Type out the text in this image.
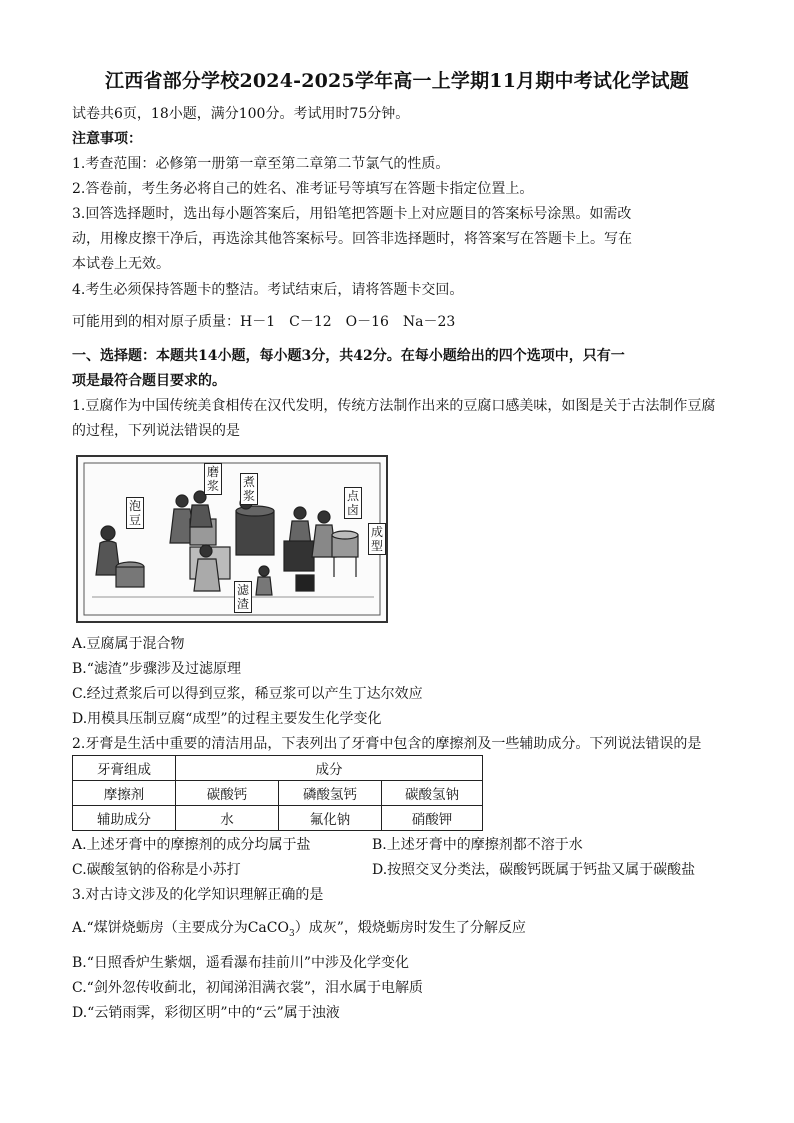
江西省部分学校2024-2025学年高一上学期11月期中考试化学试题
试卷共6页，18小题，满分100分。考试用时75分钟。
注意事项：
1.考查范围：必修第一册第一章至第二章第二节氯气的性质。
2.答卷前，考生务必将自己的姓名、准考证号等填写在答题卡指定位置上。
3.回答选择题时，选出每小题答案后，用铅笔把答题卡上对应题目的答案标号涂黑。如需改
动，用橡皮擦干净后，再选涂其他答案标号。回答非选择题时，将答案写在答题卡上。写在
本试卷上无效。
4.考生必须保持答题卡的整洁。考试结束后，请将答题卡交回。
可能用到的相对原子质量：H－1　C－12　O－16　Na－23
一、选择题：本题共14小题，每小题3分，共42分。在每小题给出的四个选项中，只有一
项是最符合题目要求的。
1.豆腐作为中国传统美食相传在汉代发明，传统方法制作出来的豆腐口感美味，如图是关于古法制作豆腐
的过程，下列说法错误的是
泡豆
磨浆 煮浆	点卤
成型
滤渣
A.豆腐属于混合物
B.“滤渣”步骤涉及过滤原理
C.经过煮浆后可以得到豆浆，稀豆浆可以产生丁达尔效应
D.用模具压制豆腐“成型”的过程主要发生化学变化
2.牙膏是生活中重要的清洁用品，下表列出了牙膏中包含的摩擦剂及一些辅助成分。下列说法错误的是
牙膏组成	成分		
摩擦剂	碳酸钙	磷酸氢钙	碳酸氢钠
辅助成分	水	氟化钠	硝酸钾
A.上述牙膏中的摩擦剂的成分均属于盐	B.上述牙膏中的摩擦剂都不溶于水
C.碳酸氢钠的俗称是小苏打	D.按照交叉分类法，碳酸钙既属于钙盐又属于碳酸盐
3.对古诗文涉及的化学知识理解正确的是
A.“煤饼烧蛎房（主要成分为CaCO$_3$）成灰”，煅烧蛎房时发生了分解反应
B.“日照香炉生紫烟，遥看瀑布挂前川”中涉及化学变化
C.“剑外忽传收蓟北，初闻涕泪满衣裳”，泪水属于电解质
D.“云销雨霁，彩彻区明”中的“云”属于浊液
